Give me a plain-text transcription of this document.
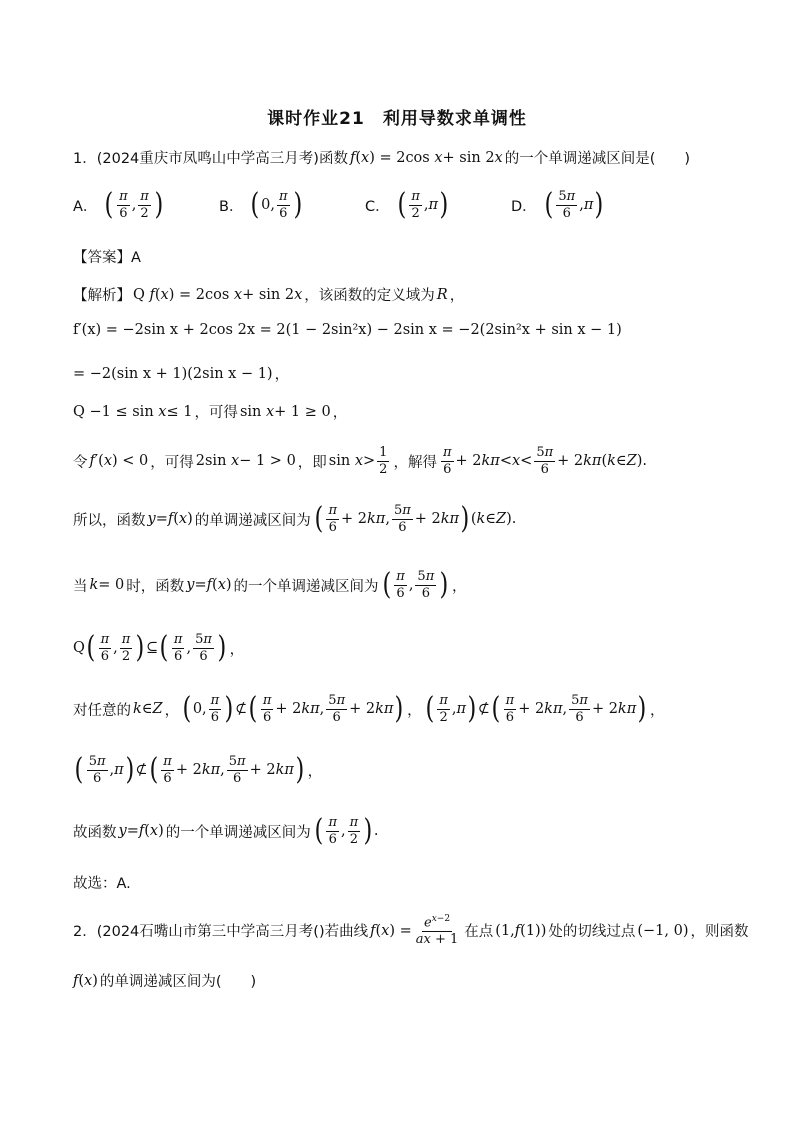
课时作业21　利用导数求单调性
1．(2024重庆市凤鸣山中学高三月考)函数 f ( x ) = 2cos x + sin 2 x 的一个单调递减区间是(　　)
A． ( $\frac{\pi}{6}$ , $\frac{\pi}{2}$ )	B． ( 0, $\frac{\pi}{6}$ )	C． ( $\frac{\pi}{2}$ , π )	D． ( $\frac{5\pi}{6}$ , π )
【答案】A
【解析】 Q f ( x ) = 2cos x + sin 2 x ，该函数的定义域为 R ，
f′(x) = −2sin x + 2cos 2x = 2(1 − 2sin²x) − 2sin x = −2(2sin²x + sin x − 1)
= −2(sin x + 1)(2sin x − 1) ，
Q −1 ≤ sin x ≤ 1 ，可得 sin x + 1 ≥ 0 ，
令 f ′( x ) < 0 ，可得 2sin x − 1 > 0 ，即 $\sin x > \frac{1}{2}$ ，解得 $\frac{\pi}{6} + 2$ $k\pi < x < \frac{5\pi}{6} + 2$ kπ ( k ∈ Z ).
所以，函数 y = f ( x ) 的单调递减区间为 ( $\frac{\pi}{6} + 2$ kπ , $\frac{5\pi}{6} + 2$ kπ ) ( k ∈ Z ).
当 k = 0 时，函数 y = f ( x ) 的一个单调递减区间为 ( $\frac{\pi}{6}$ , $\frac{5\pi}{6}$ ) ，
Q ( $\frac{\pi}{6}$ , $\frac{\pi}{2}$ ) ⊆ ( $\frac{\pi}{6}$ , $\frac{5\pi}{6}$ ) ，
对任意的 k ∈ Z ， ( 0, $\frac{\pi}{6}$ ) ⊄ ( $\frac{\pi}{6} + 2$ kπ , $\frac{5\pi}{6} + 2$ kπ ) ， ( $\frac{\pi}{2}$ , π ) ⊄ ( $\frac{\pi}{6} + 2$ kπ , $\frac{5\pi}{6} + 2$ kπ ) ，
( $\frac{5\pi}{6}$ , π ) ⊄ ( $\frac{\pi}{6} + 2$ kπ , $\frac{5\pi}{6} + 2$ kπ ) ，
故函数 y = f ( x ) 的一个单调递减区间为 ( $\frac{\pi}{6}$ , $\frac{\pi}{2}$ ) .
故选：A.
2．(2024石嘴山市第三中学高三月考()若曲线 f ( x ) = $\frac{e^{x-2}}{ax + 1}$ 在点 (1, f (1)) 处的切线过点 (−1, 0) ，则函数
f ( x ) 的单调递减区间为(　　)
